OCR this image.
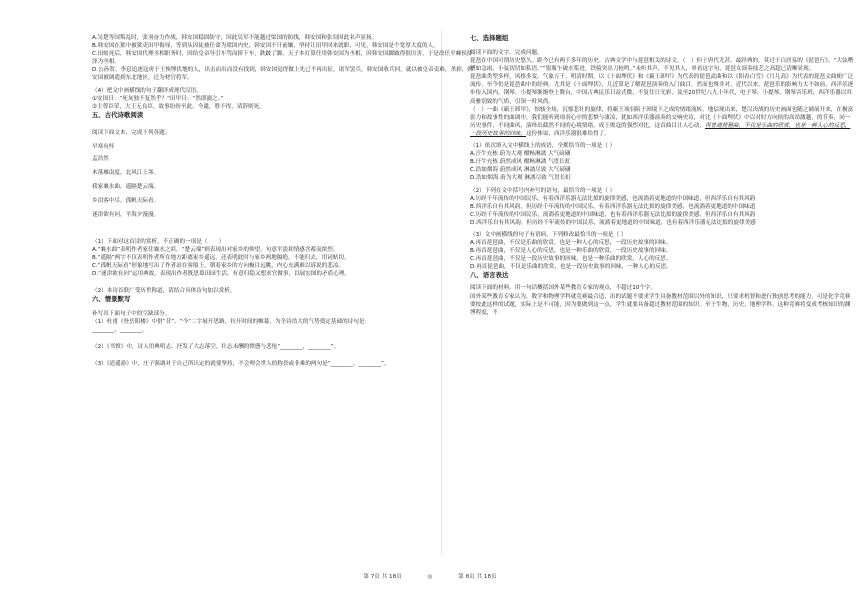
A.吴楚等国叛乱时，张羽奋力作战，韩安国稳固防守，因此吴军不能越过梁国的防线，韩安国和张羽因此名声显扬。

B.韩安国在狱中被狱吏田甲侮辱，等到从囚徒被任命为梁国内史，韩安国不计前嫌，坚持让田甲回来就职，可见，韩安国是个宽厚大度的人。

C.田蚡死后，韩安国代理丞相职务时，因给皇帝导引车驾而摔下车，跌跛了脚，天子本打算任用韩安国为丞相，因韩安国脚跛得很厉害，于是改任平棘侯薛泽为丞相。

D.公孙贺、李息追逐寇虏于王恢埋伏地的人，出击而出而没有找到，韩安国觉得做上先已不再出征，诸军罢兵，韩安国收兵回，就以被皇帝责难，杀掉，韩安国被调遣到东北地区，迁为材官将军。

（4）把文中画横线的句子翻译成现代汉语。

①安国曰：“死灰独不复然乎？”田甲曰：“然即溺之。”

②主尊臣荣，大王无良臣，故事纷纷至此。今谴，胜不得，请辞则死。

五、古代诗歌阅读

阅读下面文本，完成下列各题。

早寒有怀

孟浩然

木落雁南度，北风江上寒。

我家襄水曲，遥隔楚云端。

乡泪客中尽，孤帆天际看。

迷津欲有问，平海夕漫漫。

（1）下面对这首诗的赏析，不正确的一项是（　　）

A.“襄水曲”表明作者家住襄水之滨，“楚云端”则表现出对家乡的仰望，句意平淡却情感含蓄而浓烈。

B.“遥隔”两字不仅表明作者所在地方距离家乡遥远，还表明此时与家乡两地隔绝，不能归去，用词贴切。

C.“孤帆天际看”形象地写出了作者站在客船上，朝着家乡的方向极目远眺，内心充满难以诉说的悲凉。

D.“迷津欲有问”运用典故，表现出作者既思慕田园生活，有意归隐又想求官做事，以展宏图的矛盾心理。

（2）本诗首联广受历世称道，请结合具体诗句加以赏析。

六、情景默写

补写出下面句子中的空缺部分。

（1）杜甫《登岳阳楼》中借“昔”、“今”二字展开思路，拉开时间的帷幕，为全诗浩大的气势奠定基础的诗句是：

________，________。

（2）《书愤》中，诗人用典明志，抒发了大志落空，壮志未酬的愤懑与悲怆“________，________”。

（3）《逍遥游》中，庄子强调对于自己所认定的就要坚持，不会理会世人的称誉或非难的两句是“________，________”。

七、选择题组

阅读下面的文字，完成问题。

琵琶在中国可谓历史悠久。距今已有两千多年的历史。古典文学中与琵琶相关的诗文，（　）但于唐代尤甚。最经典的，莫过于白居易的《琵琶行》。“大弦嘈嘈如急雨，小弦切切如私语。”“银瓶乍破水浆迸，铁骑突出刀枪鸣。”未听其声，不见其人，单看这字句，琵琶女演奏技艺之高超已清晰显现。

琵琶曲类型多样，风格多变，气象万千。明清时期，以《十面埋伏》和《霸王卸甲》为代表的琵琶武曲和以《阳春白雪》《月儿高》为代表的琵琶文曲便广泛流传，至今仍是琵琶曲中的经典。尤其是《十面埋伏》，几近算是了解琵琶演奏的入门曲目，然而也殊非对，近代以来，琵琶乐的影响力大不如前，西洋乐逐步传入国内，钢琴、小提琴渐渐登上舞台，中国古典民乐日益式微，不复往日光彩，及至20世纪八九十年代，电子琴、小提琴、钢琴音乐班，西洋乐器以其高雅别致的气质，引领一时风尚。

（　）一曲《霸王卸甲》，惊骇全场，沉郁悲壮的旋律，将霸王项羽陷于困境下之成的情绪流转，地层现出来，楚汉决战的历史画面也随之铺展开来，在极富张力和故事性的曲调中，我们能听到项羽心中的悲愤与凄凉，犹如西洋乐器演奏的交响史诗，对比《十面埋伏》中以对时方向侯的高昂激越，的节奏，同一历史事件，不同曲风，演绎出截然不同的心境情绪，成王败寇的强烈对比，这首曲目让人心动，再普通琵琶曲，不仅是乐曲的欣赏，也是一种人心的反思，一段历史故事的回味。这份体谅，西洋乐器很难给得了。

（1）依次填入文中横线上的成语，全都恰当的一项是（ ）

A.汗牛充栋 蔚为大观 酣畅淋漓 大气磅礴

B.汗牛充栋 蔚然成风 酣畅淋漓 气贯长虹

C.浩如烟海 蔚然成风 淋漓尽致 大气磅礴

D.浩如烟海 蔚为大观 淋漓尽致 气贯长虹

（2）下列在文中括号内补写的语句，最恰当的一项是（ ）

A.历经千年流传的中国民乐，有着西洋乐器无法比拟的旋律美感，也流淌着更地道的中国味道，但西洋乐自有其风韵

B.西洋乐自有其风韵，但历经千年流传的中国民乐，有着西洋乐器无法比拟的旋律美感，也流淌着更地道的中国味道

C.历经千年流传的中国民乐，流淌着更地道的中国味道，也有着西洋乐器无法比拟的旋律美感，但西洋乐自有其风韵

D.西洋乐自有其风韵，但历经千年流传的中国民乐，流淌着更地道的中国味道，也有着西洋乐器无法比拟的旋律美感

（3）文中画横线的句子有语病，下列修改最恰当的一项是（ ）

A.再首琵琶曲，不仅是乐曲的欣赏，也是一种人心的反思，一段历史故事的回味。

B.再首琵琶曲，不仅是人心的反思，也是一种乐曲的欣赏，一段历史故事的回味。

C.再首琵琶曲，不仅是一段历史故事的回味，也是一种乐曲的欣赏，人心的反思。

D.再首琵琶曲，不仅是乐曲的欣赏，也是一段历史故事的回味，一种人心的反思。

八、语言表达

阅读下面的材料，用一句话概括国外某些教育专家的观点，不超过10个字。

国外某些教育专家认为，数学和物理学科就竞赛最合适，出的试题不要求学生具备教材范围以外的知识，只要求机智和进行独创思考的能力，可是化学竞赛要按此这样的试题，实际上是不可能，因为要做到这一点，学生就要具备超过教材范围的知识。至于生物，历史，地理学科，这种竞赛将变成考核知识的渊博程度，不

第 7页 共 18页	◎	第 8页 共 18页
